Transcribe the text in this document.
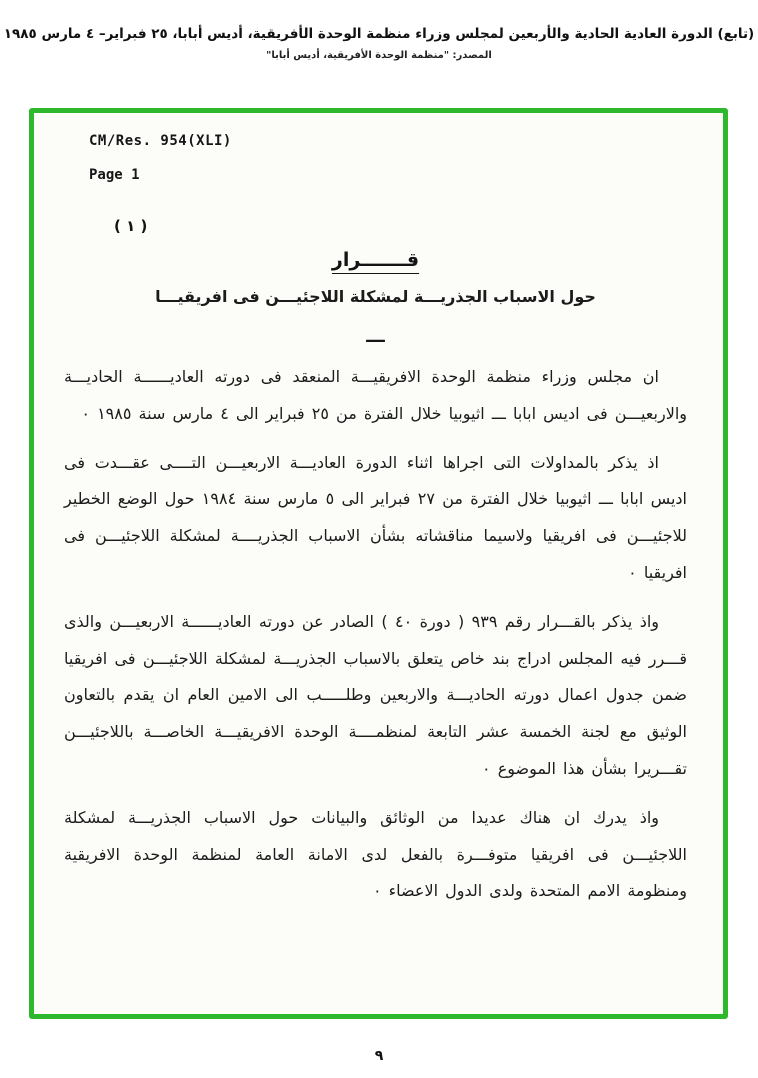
(تابع) الدورة العادية الحادية والأربعين لمجلس وزراء منظمة الوحدة الأفريقية، أديس أبابا، ٢٥ فبراير– ٤ مارس ١٩٨٥
المصدر: "منظمة الوحدة الأفريقية، أديس أبابا"
CM/Res. 954(XLI)
Page 1
( ١ )
قـــــــرار
حول الاسباب الجذريـــة لمشكلة اللاجئيـــن فى افريقيـــا
ـــ

ان مجلس وزراء منظمة الوحدة الافريقيـــة المنعقد فى دورته العاديــــــة الحاديـــة والاربعيـــن فى اديس ابابا ـــ اثيوبيا خلال الفترة من ٢٥ فبراير الى ٤ مارس سنة ١٩٨٥ ٠

اذ يذكر بالمداولات التى اجراها اثناء الدورة العاديـــة الاربعيـــن التــــى عقـــدت فى اديس ابابا ـــ اثيوبيا خلال الفترة من ٢٧ فبراير الى ٥ مارس سنة ١٩٨٤ حول الوضع الخطير للاجئيـــن فى افريقيا ولاسيما مناقشاته بشأن الاسباب الجذريــــة لمشكلة اللاجئيـــن فى افريقيا ٠

واذ يذكر بالقـــرار رقم ٩٣٩ ( دورة ٤٠ ) الصادر عن دورته العاديــــــة الاربعيـــن والذى قـــرر فيه المجلس ادراج بند خاص يتعلق بالاسباب الجذريـــة لمشكلة اللاجئيـــن فى افريقيا ضمن جدول اعمال دورته الحاديـــة والاربعين وطلـــــب الى الامين العام ان يقدم بالتعاون الوثيق مع لجنة الخمسة عشر التابعة لمنظمــــة الوحدة الافريقيـــة الخاصـــة باللاجئيـــن تقـــريرا بشأن هذا الموضوع ٠

واذ يدرك ان هناك عديدا من الوثائق والبيانات حول الاسباب الجذريـــة لمشكلة اللاجئيـــن فى افريقيا متوفـــرة بالفعل لدى الامانة العامة لمنظمة الوحدة الافريقية ومنظومة الامم المتحدة ولدى الدول الاعضاء ٠

٩
